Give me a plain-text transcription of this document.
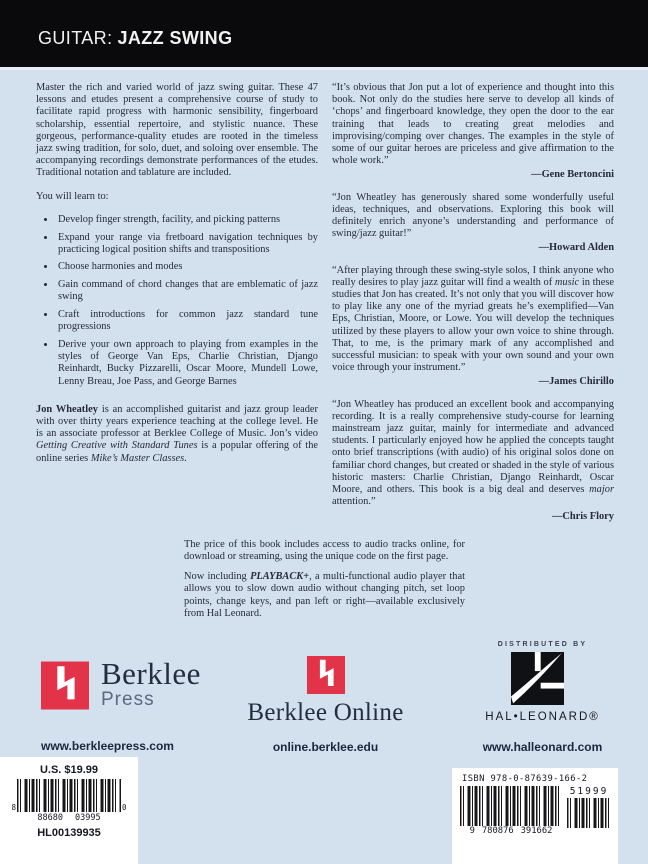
GUITAR: JAZZ SWING

Master the rich and varied world of jazz swing guitar. These 47 lessons and etudes present a comprehensive course of study to facilitate rapid progress with harmonic sensibility, fingerboard scholarship, essential repertoire, and stylistic nuance. These gorgeous, performance-quality etudes are rooted in the timeless jazz swing tradition, for solo, duet, and soloing over ensemble. The accompanying recordings demonstrate performances of the etudes. Traditional notation and tablature are included.

You will learn to:

• Develop finger strength, facility, and picking patterns
• Expand your range via fretboard navigation techniques by practicing logical position shifts and transpositions
• Choose harmonies and modes
• Gain command of chord changes that are emblematic of jazz swing
• Craft introductions for common jazz standard tune progressions
• Derive your own approach to playing from examples in the styles of George Van Eps, Charlie Christian, Django Reinhardt, Bucky Pizzarelli, Oscar Moore, Mundell Lowe, Lenny Breau, Joe Pass, and George Barnes

Jon Wheatley is an accomplished guitarist and jazz group leader with over thirty years experience teaching at the college level. He is an associate professor at Berklee College of Music. Jon’s video Getting Creative with Standard Tunes is a popular offering of the online series Mike’s Master Classes.

“It’s obvious that Jon put a lot of experience and thought into this book. Not only do the studies here serve to develop all kinds of ‘chops’ and fingerboard knowledge, they open the door to the ear training that leads to creating great melodies and improvising/comping over changes. The examples in the style of some of our guitar heroes are priceless and give affirmation to the whole work.”

—Gene Bertoncini

“Jon Wheatley has generously shared some wonderfully useful ideas, techniques, and observations. Exploring this book will definitely enrich anyone’s understanding and performance of swing/jazz guitar!”

—Howard Alden

“After playing through these swing-style solos, I think anyone who really desires to play jazz guitar will find a wealth of music in these studies that Jon has created. It’s not only that you will discover how to play like any one of the myriad greats he’s exemplified—Van Eps, Christian, Moore, or Lowe. You will develop the techniques utilized by these players to allow your own voice to shine through. That, to me, is the primary mark of any accomplished and successful musician: to speak with your own sound and your own voice through your instrument.”

—James Chirillo

“Jon Wheatley has produced an excellent book and accompanying recording. It is a really comprehensive study-course for learning mainstream jazz guitar, mainly for intermediate and advanced students. I particularly enjoyed how he applied the concepts taught onto brief transcriptions (with audio) of his original solos done on familiar chord changes, but created or shaded in the style of various historic masters: Charlie Christian, Django Reinhardt, Oscar Moore, and others. This book is a big deal and deserves major attention.”

—Chris Flory

The price of this book includes access to audio tracks online, for download or streaming, using the unique code on the first page.

Now including PLAYBACK+, a multi-functional audio player that allows you to slow down audio without changing pitch, set loop points, change keys, and pan left or right—available exclusively from Hal Leonard.

Berklee
Press
www.berkleepress.com
Berklee Online
online.berklee.edu
DISTRIBUTED BY
HAL•LEONARD®
www.halleonard.com
U.S. $19.99
8	0
88680 03995
HL00139935
ISBN 978-0-87639-166-2
9 780876 391662
51999
